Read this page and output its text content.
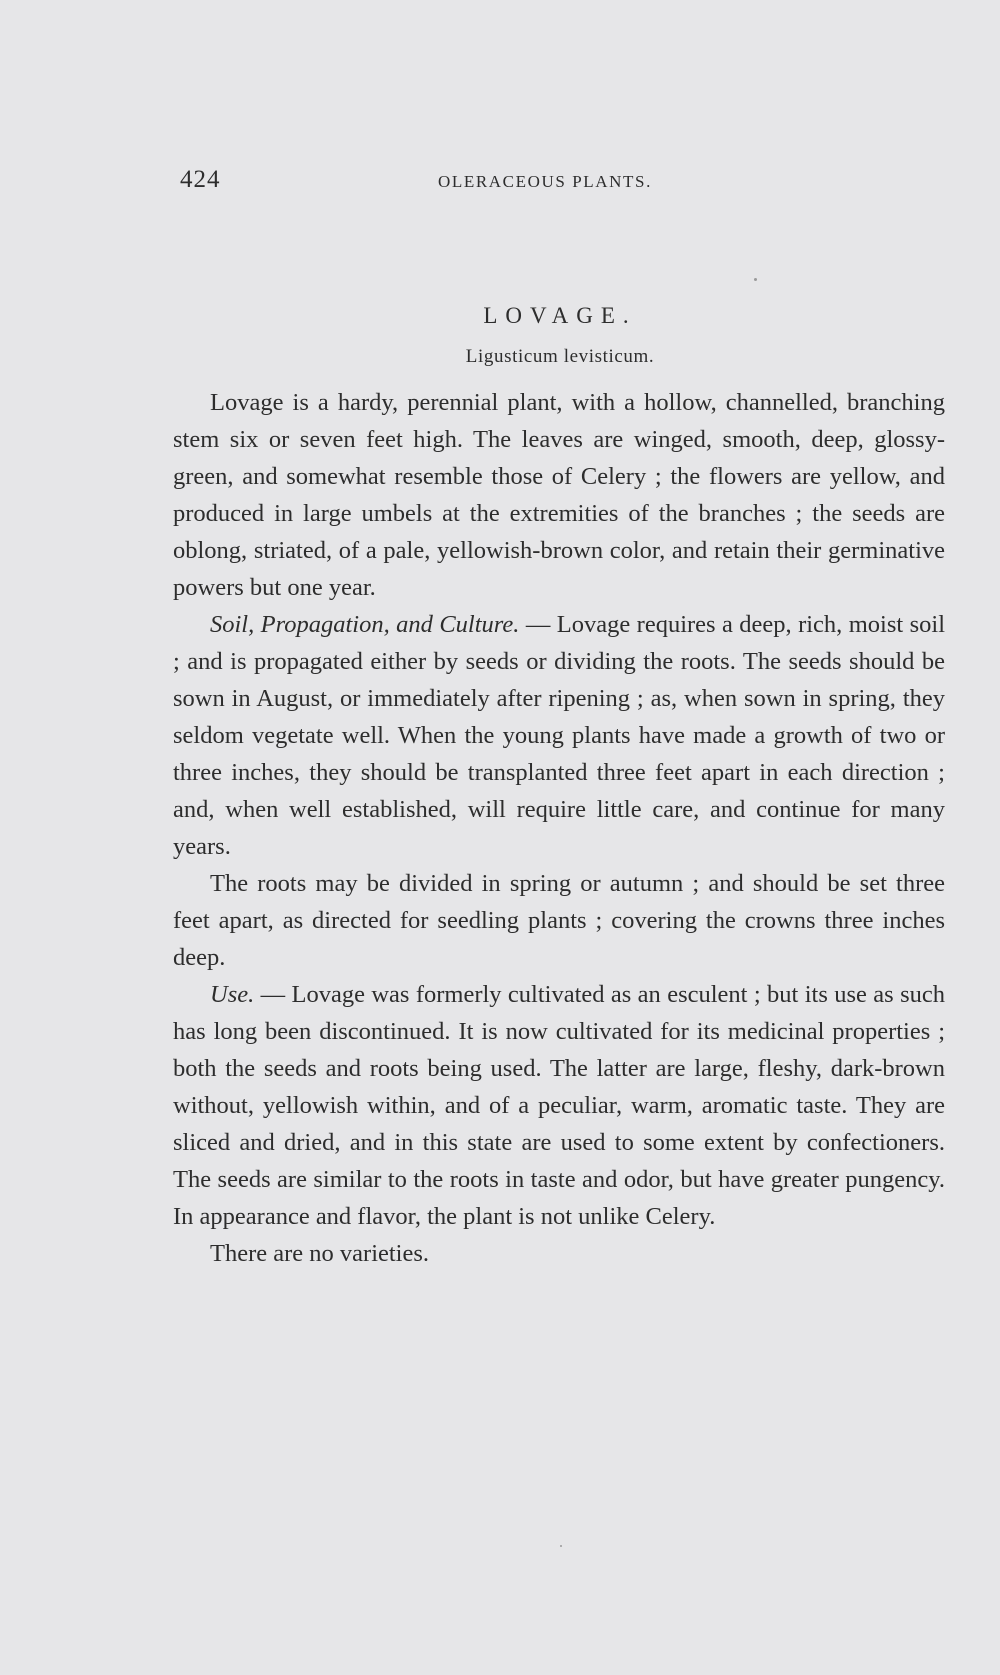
424	OLERACEOUS PLANTS.
LOVAGE.
Ligusticum levisticum.

Lovage is a hardy, perennial plant, with a hollow, channelled, branching stem six or seven feet high. The leaves are winged, smooth, deep, glossy-green, and somewhat resemble those of Celery ; the flowers are yellow, and produced in large umbels at the extremities of the branches ; the seeds are oblong, striated, of a pale, yellowish-brown color, and retain their germinative powers but one year.

Soil, Propagation, and Culture. — Lovage requires a deep, rich, moist soil ; and is propagated either by seeds or dividing the roots. The seeds should be sown in August, or immediately after ripening ; as, when sown in spring, they seldom vegetate well. When the young plants have made a growth of two or three inches, they should be transplanted three feet apart in each direction ; and, when well established, will require little care, and continue for many years.

The roots may be divided in spring or autumn ; and should be set three feet apart, as directed for seedling plants ; covering the crowns three inches deep.

Use. — Lovage was formerly cultivated as an esculent ; but its use as such has long been discontinued. It is now cultivated for its medicinal properties ; both the seeds and roots being used. The latter are large, fleshy, dark-brown without, yellowish within, and of a peculiar, warm, aromatic taste. They are sliced and dried, and in this state are used to some extent by confectioners. The seeds are similar to the roots in taste and odor, but have greater pungency. In appearance and flavor, the plant is not unlike Celery.

There are no varieties.
